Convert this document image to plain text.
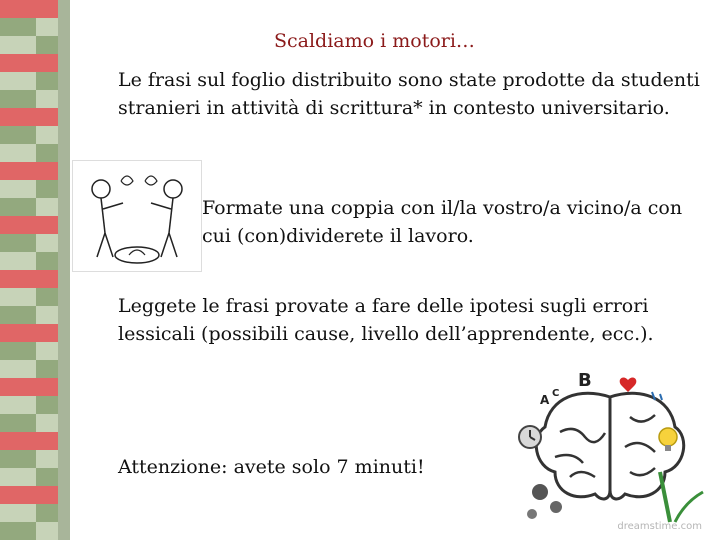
Scaldiamo i motori…

Le frasi sul foglio distribuito sono state prodotte da studenti stranieri in attività di scrittura* in contesto universitario.

Formate una coppia con il/la vostro/a vicino/a con cui (con)dividerete il lavoro.

Leggete le frasi provate a fare delle ipotesi sugli errori lessicali (possibili cause, livello dell’apprendente, ecc.).

Attenzione: avete solo 7 minuti!

B
A C
dreamstime.com
